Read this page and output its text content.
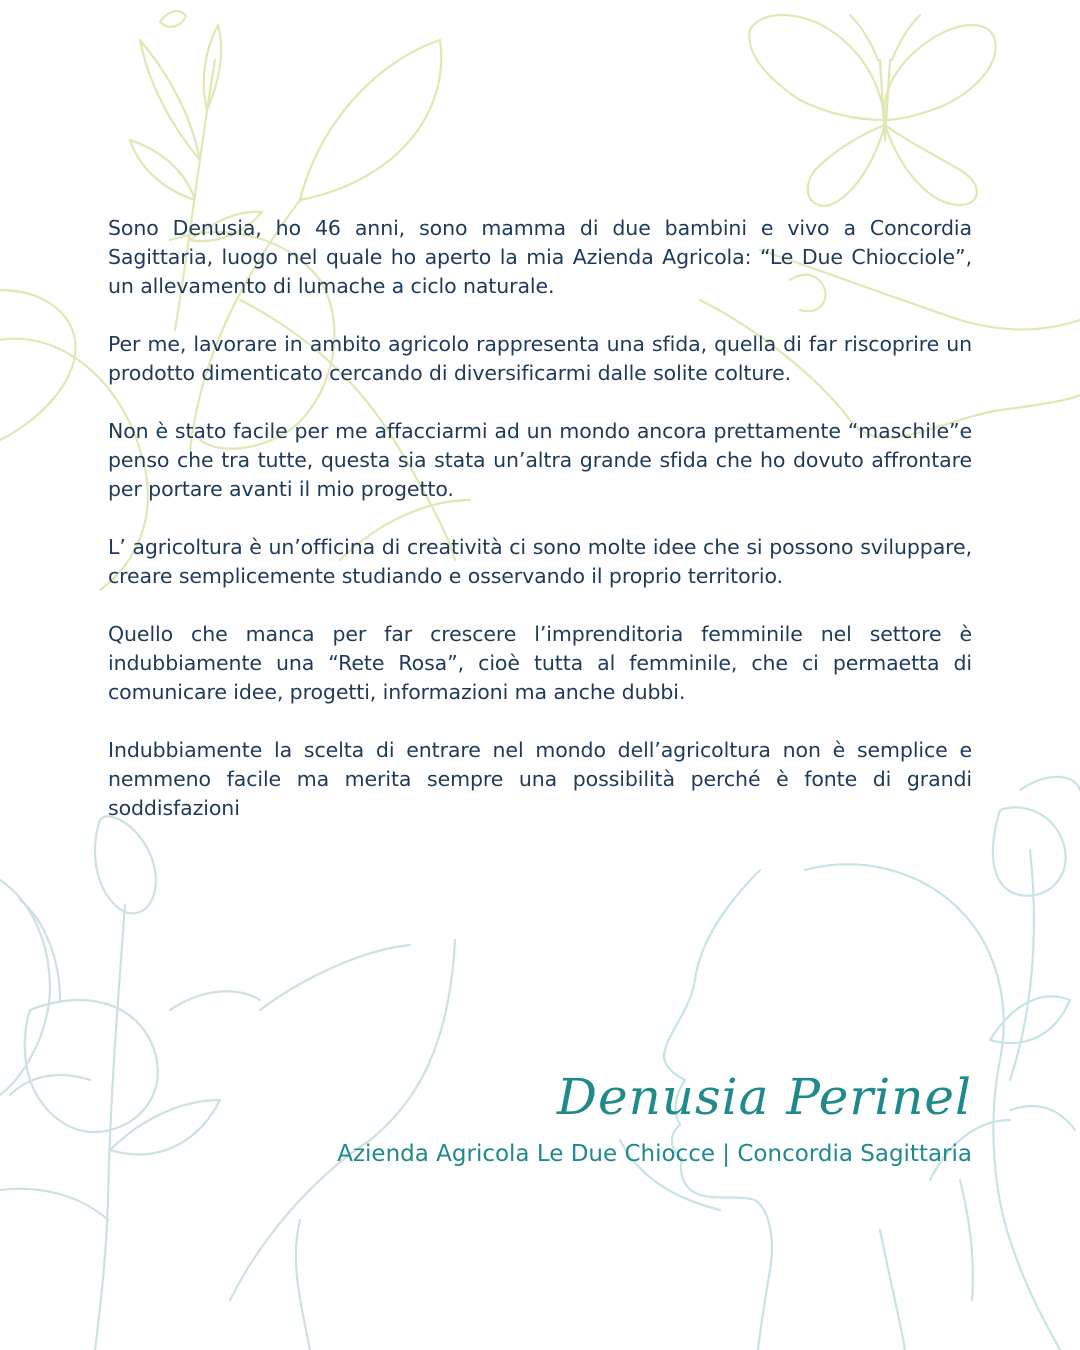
Sono Denusia, ho 46 anni, sono mamma di due bambini e vivo a Concordia Sagittaria, luogo nel quale ho aperto la mia Azienda Agricola: “Le Due Chiocciole”, un allevamento di lumache a ciclo naturale.

Per me, lavorare in ambito agricolo rappresenta una sfida, quella di far riscoprire un prodotto dimenticato cercando di diversificarmi dalle solite colture.

Non è stato facile per me affacciarmi ad un mondo ancora prettamente “maschile”e penso che tra tutte, questa sia stata un’altra grande sfida che ho dovuto affrontare per portare avanti il mio progetto.

L’ agricoltura è un’officina di creatività ci sono molte idee che si possono sviluppare, creare semplicemente studiando e osservando il proprio territorio.

Quello che manca per far crescere l’imprenditoria femminile nel settore è indubbiamente una “Rete Rosa”, cioè tutta al femminile, che ci permaetta di comunicare idee, progetti, informazioni ma anche dubbi.

Indubbiamente la scelta di entrare nel mondo dell’agricoltura non è semplice e nemmeno facile ma merita sempre una possibilità perché è fonte di grandi soddisfazioni

Denusia Perinel
Azienda Agricola Le Due Chiocce | Concordia Sagittaria
